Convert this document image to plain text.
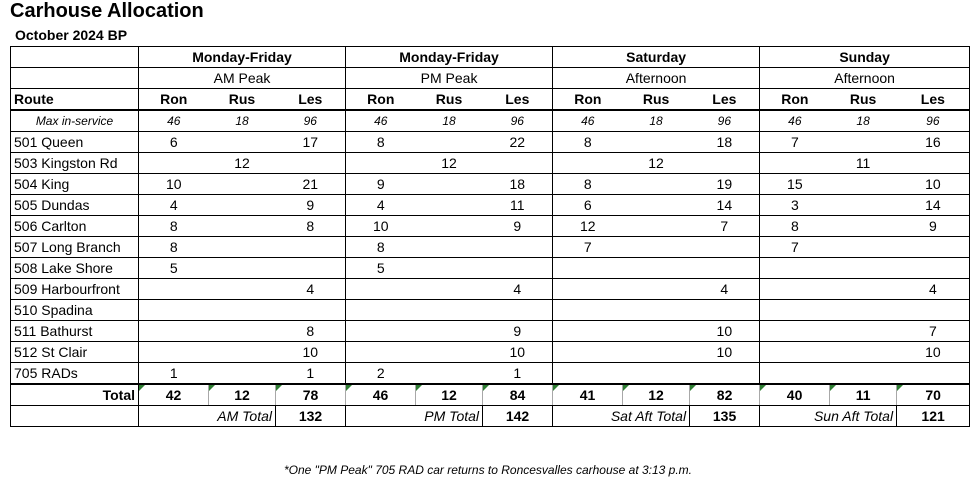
Carhouse Allocation
October 2024 BP
	Monday-Friday			Monday-Friday			Saturday			Sunday		
	AM Peak			PM Peak			Afternoon			Afternoon		
Route	Ron	Rus	Les	Ron	Rus	Les	Ron	Rus	Les	Ron	Rus	Les
Max in-service	46	18	96	46	18	96	46	18	96	46	18	96
501 Queen	6		17	8		22	8		18	7		16
503 Kingston Rd		12			12			12			11	
504 King	10		21	9		18	8		19	15		10
505 Dundas	4		9	4		11	6		14	3		14
506 Carlton	8		8	10		9	12		7	8		9
507 Long Branch	8			8			7			7		
508 Lake Shore	5			5								
509 Harbourfront			4			4			4			4
510 Spadina												
511 Bathurst			8			9			10			7
512 St Clair			10			10			10			10
705 RADs	1		1	2		1						
Total	42	12	78	46	12	84	41	12	82	40	11	70
	AM Total		132	PM Total		142	Sat Aft Total		135	Sun Aft Total		121
*One "PM Peak" 705 RAD car returns to Roncesvalles carhouse at 3:13 p.m.
